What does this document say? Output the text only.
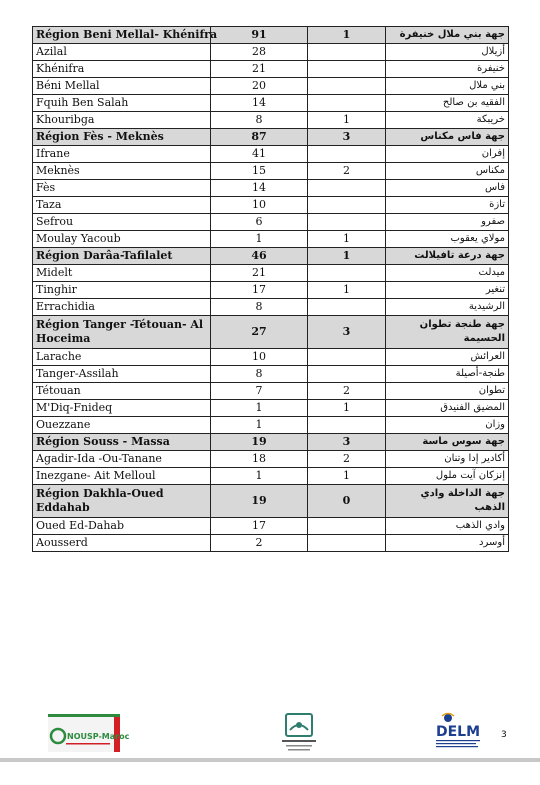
Région Beni Mellal- Khénifra	91	1	جهة بني ملال خنيفرة
Azilal	28		أزيلال
Khénifra	21		خنيفرة
Béni Mellal	20		بني ملال
Fquih Ben Salah	14		الفقيه بن صالح
Khouribga	8	1	خريبكة
Région Fès - Meknès	87	3	جهة فاس مكناس
Ifrane	41		إفران
Meknès	15	2	مكناس
Fès	14		فاس
Taza	10		تازة
Sefrou	6		صفرو
Moulay Yacoub	1	1	مولاي يعقوب
Région Darâa-Tafilalet	46	1	جهة درعة تافيلالت
Midelt	21		ميدلت
Tinghir	17	1	تنغير
Errachidia	8		الرشيدية
Région Tanger -Tétouan- Al Hoceima	27	3	جهة طنجة تطوان الحسيمة
Larache	10		العرائش
Tanger-Assilah	8		طنجة-أصيلة
Tétouan	7	2	تطوان
M'Diq-Fnideq	1	1	المضيق الفنيدق
Ouezzane	1		وزان
Région Souss - Massa	19	3	جهة سوس ماسة
Agadir-Ida -Ou-Tanane	18	2	أكادير إدا وتنان
Inezgane- Ait Melloul	1	1	إنزكان آيت ملول
Région Dakhla-Oued Eddahab	19	0	جهة الداخلة وادي الذهب
Oued Ed-Dahab	17		وادي الذهب
Aousserd	2		أوسرد
NOUSP-Maroc	DELM 3
